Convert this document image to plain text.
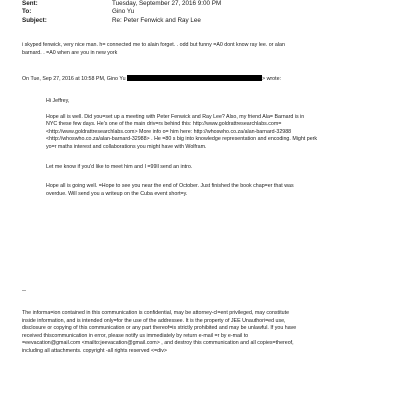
Sent:	Tuesday, September 27, 2016 9:00 PM
To:	Gino Yu
Subject:	Re: Peter Fenwick and Ray Lee

i skyped fenwick, very nice man. h= connected me to alain forget. . odd but funny =A0 dont know ray lee. or alan

barnard. . =A0 when are you in new york

On Tue, Sep 27, 2016 at 10:58 PM, Gino Yu	> wrote:

Hi Jeffrey,

Hope all is well. Did you=set up a meeting with Peter Fenwick and Ray Lee? Also, my friend Ala= Barnard is in

NYC these few days. He's one of the main driv=rs behind this: http://www.goldrattresearchlabs.com=

<http://www.goldrattresearchlabs.com> More info o= him here: http://whoswho.co.za/alan-barnard-32988

<http://whoswho.co.za/alan-barnard-32988> . He =80 s big into knowledge representation and encoding. Might perk

yo=r maths interest and collaborations you might have with Wolfram.

Let me know if you'd like to meet him and I =99ll send an intro.

Hope all is going well. =Hope to see you near the end of October. Just finished the book chap=er that was

overdue. Will send you a writeup on the Cuba event short=y.

--

The informa=ion contained in this communication is confidential, may be attorney-cl=ent privileged, may constitute

inside information, and is intended only=for the use of the addressee. It is the property of JEE Unauthori=ed use,

disclosure or copying of this communication or any part thereof=is strictly prohibited and may be unlawful. If you have

received thiscommunication in error, please notify us immediately by return e-mail =r by e-mail to

=eevacation@gmail.com <mailto:jeevacation@gmail.com> , and destroy this communication and all copies=thereof,

including all attachments. copyright -all rights reserved <=div>
